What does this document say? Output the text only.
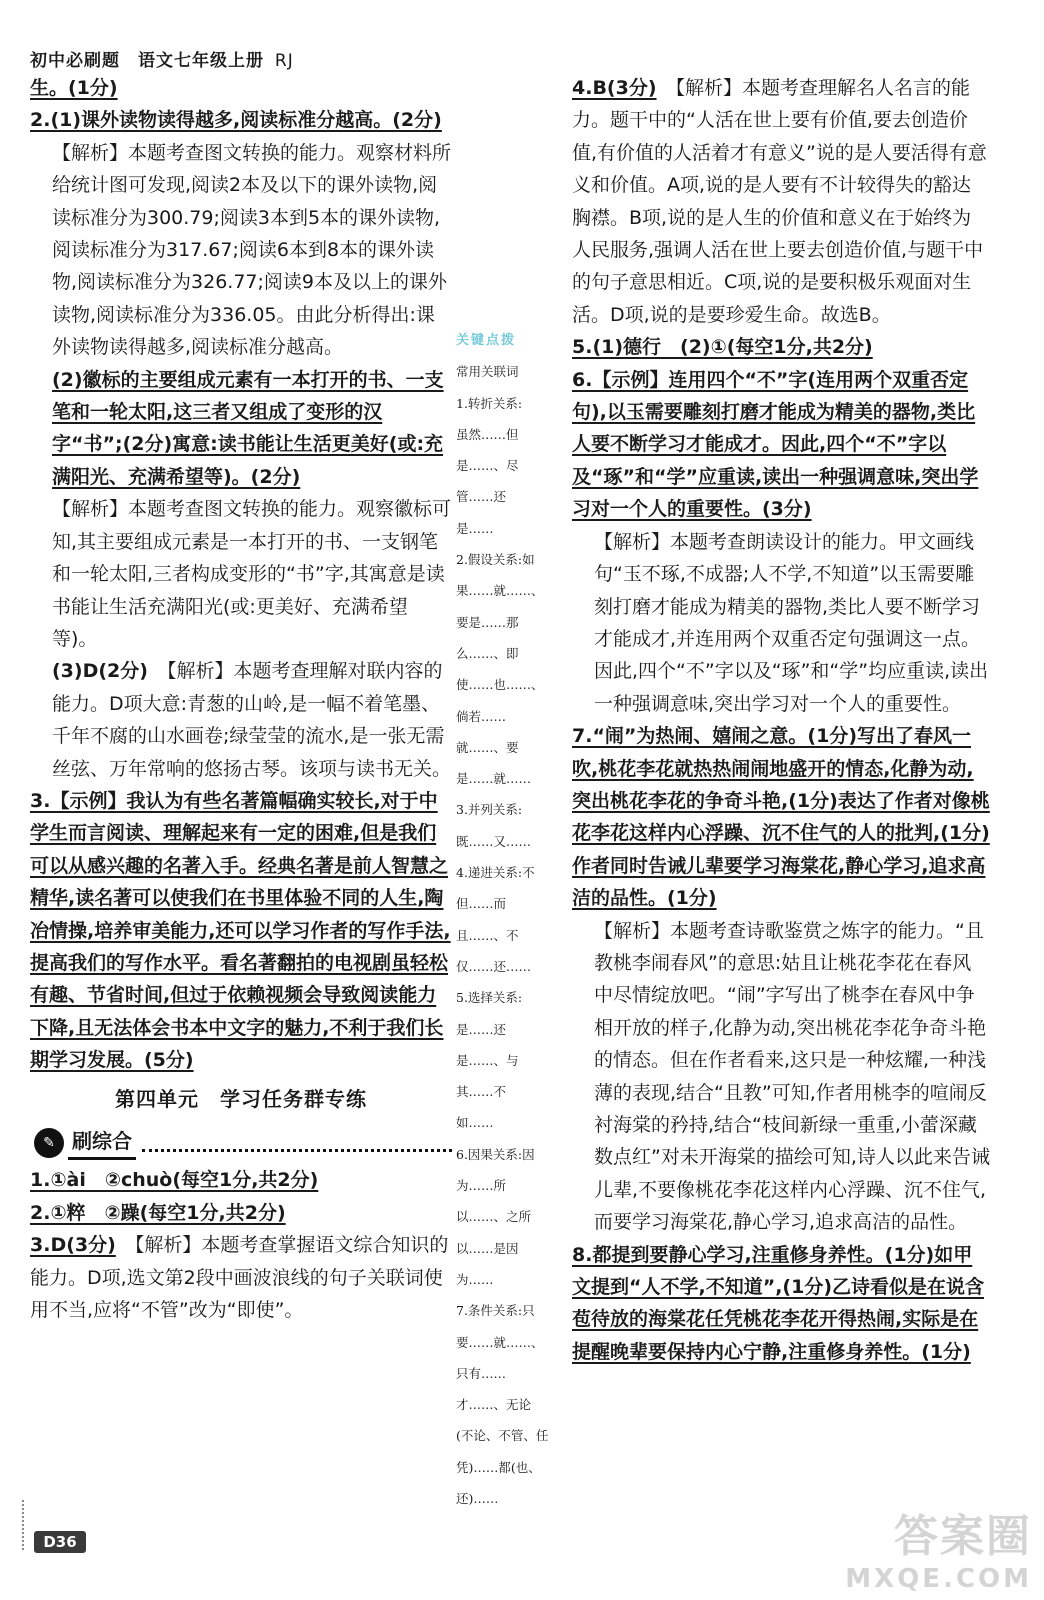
初中必刷题　语文七年级上册 RJ

生。(1分)

2.(1)课外读物读得越多,阅读标准分越高。(2分)

【解析】本题考查图文转换的能力。观察材料所给统计图可发现,阅读2本及以下的课外读物,阅读标准分为300.79;阅读3本到5本的课外读物,阅读标准分为317.67;阅读6本到8本的课外读物,阅读标准分为326.77;阅读9本及以上的课外读物,阅读标准分为336.05。由此分析得出:课外读物读得越多,阅读标准分越高。

(2)徽标的主要组成元素有一本打开的书、一支笔和一轮太阳,这三者又组成了变形的汉字“书”;(2分)寓意:读书能让生活更美好(或:充满阳光、充满希望等)。(2分)

【解析】本题考查图文转换的能力。观察徽标可知,其主要组成元素是一本打开的书、一支钢笔和一轮太阳,三者构成变形的“书”字,其寓意是读书能让生活充满阳光(或:更美好、充满希望等)。

(3)D(2分)　 【解析】本题考查理解对联内容的能力。D项大意:青葱的山岭,是一幅不着笔墨、千年不腐的山水画卷;绿莹莹的流水,是一张无需丝弦、万年常响的悠扬古琴。该项与读书无关。

3.【示例】我认为有些名著篇幅确实较长,对于中学生而言阅读、理解起来有一定的困难,但是我们可以从感兴趣的名著入手。经典名著是前人智慧之精华,读名著可以使我们在书里体验不同的人生,陶冶情操,培养审美能力,还可以学习作者的写作手法,提高我们的写作水平。看名著翻拍的电视剧虽轻松有趣、节省时间,但过于依赖视频会导致阅读能力下降,且无法体会书本中文字的魅力,不利于我们长期学习发展。(5分)

第四单元　学习任务群专练
✎ 刷综合

1.①ài　②chuò(每空1分,共2分)

2.①粹　②躁(每空1分,共2分)

3.D(3分)　 【解析】本题考查掌握语文综合知识的能力。D项,选文第2段中画波浪线的句子关联词使用不当,应将“不管”改为“即使”。

关键点拨

常用关联词

1.转折关系:

虽然……但

是……、尽

管……还

是……

2.假设关系:如

果……就……、

要是……那

么……、即

使……也……、

倘若……

就……、要

是……就……

3.并列关系:

既……又……

4.递进关系:不

但……而

且……、不

仅……还……

5.选择关系:

是……还

是……、与

其……不

如……

6.因果关系:因

为……所

以……、之所

以……是因

为……

7.条件关系:只

要……就……、

只有……

才……、无论

(不论、不管、任

凭)……都(也、

还)……

4.B(3分)　 【解析】本题考查理解名人名言的能力。题干中的“人活在世上要有价值,要去创造价值,有价值的人活着才有意义”说的是人要活得有意义和价值。A项,说的是人要有不计较得失的豁达胸襟。B项,说的是人生的价值和意义在于始终为人民服务,强调人活在世上要去创造价值,与题干中的句子意思相近。C项,说的是要积极乐观面对生活。D项,说的是要珍爱生命。故选B。

5.(1)德行　(2)①(每空1分,共2分)

6.【示例】连用四个“不”字(连用两个双重否定句),以玉需要雕刻打磨才能成为精美的器物,类比人要不断学习才能成才。因此,四个“不”字以及“琢”和“学”应重读,读出一种强调意味,突出学习对一个人的重要性。(3分)

【解析】本题考查朗读设计的能力。甲文画线句“玉不琢,不成器;人不学,不知道”以玉需要雕刻打磨才能成为精美的器物,类比人要不断学习才能成才,并连用两个双重否定句强调这一点。因此,四个“不”字以及“琢”和“学”均应重读,读出一种强调意味,突出学习对一个人的重要性。

7.“闹”为热闹、嬉闹之意。(1分)写出了春风一吹,桃花李花就热热闹闹地盛开的情态,化静为动,突出桃花李花的争奇斗艳,(1分)表达了作者对像桃花李花这样内心浮躁、沉不住气的人的批判,(1分)作者同时告诫儿辈要学习海棠花,静心学习,追求高洁的品性。(1分)

【解析】本题考查诗歌鉴赏之炼字的能力。“且教桃李闹春风”的意思:姑且让桃花李花在春风中尽情绽放吧。“闹”字写出了桃李在春风中争相开放的样子,化静为动,突出桃花李花争奇斗艳的情态。但在作者看来,这只是一种炫耀,一种浅薄的表现,结合“且教”可知,作者用桃李的喧闹反衬海棠的矜持,结合“枝间新绿一重重,小蕾深藏数点红”对未开海棠的描绘可知,诗人以此来告诫儿辈,不要像桃花李花这样内心浮躁、沉不住气,而要学习海棠花,静心学习,追求高洁的品性。

8.都提到要静心学习,注重修身养性。(1分)如甲文提到“人不学,不知道”,(1分)乙诗看似是在说含苞待放的海棠花任凭桃花李花开得热闹,实际是在提醒晚辈要保持内心宁静,注重修身养性。(1分)

D36	答案圈
MXQE.COM
